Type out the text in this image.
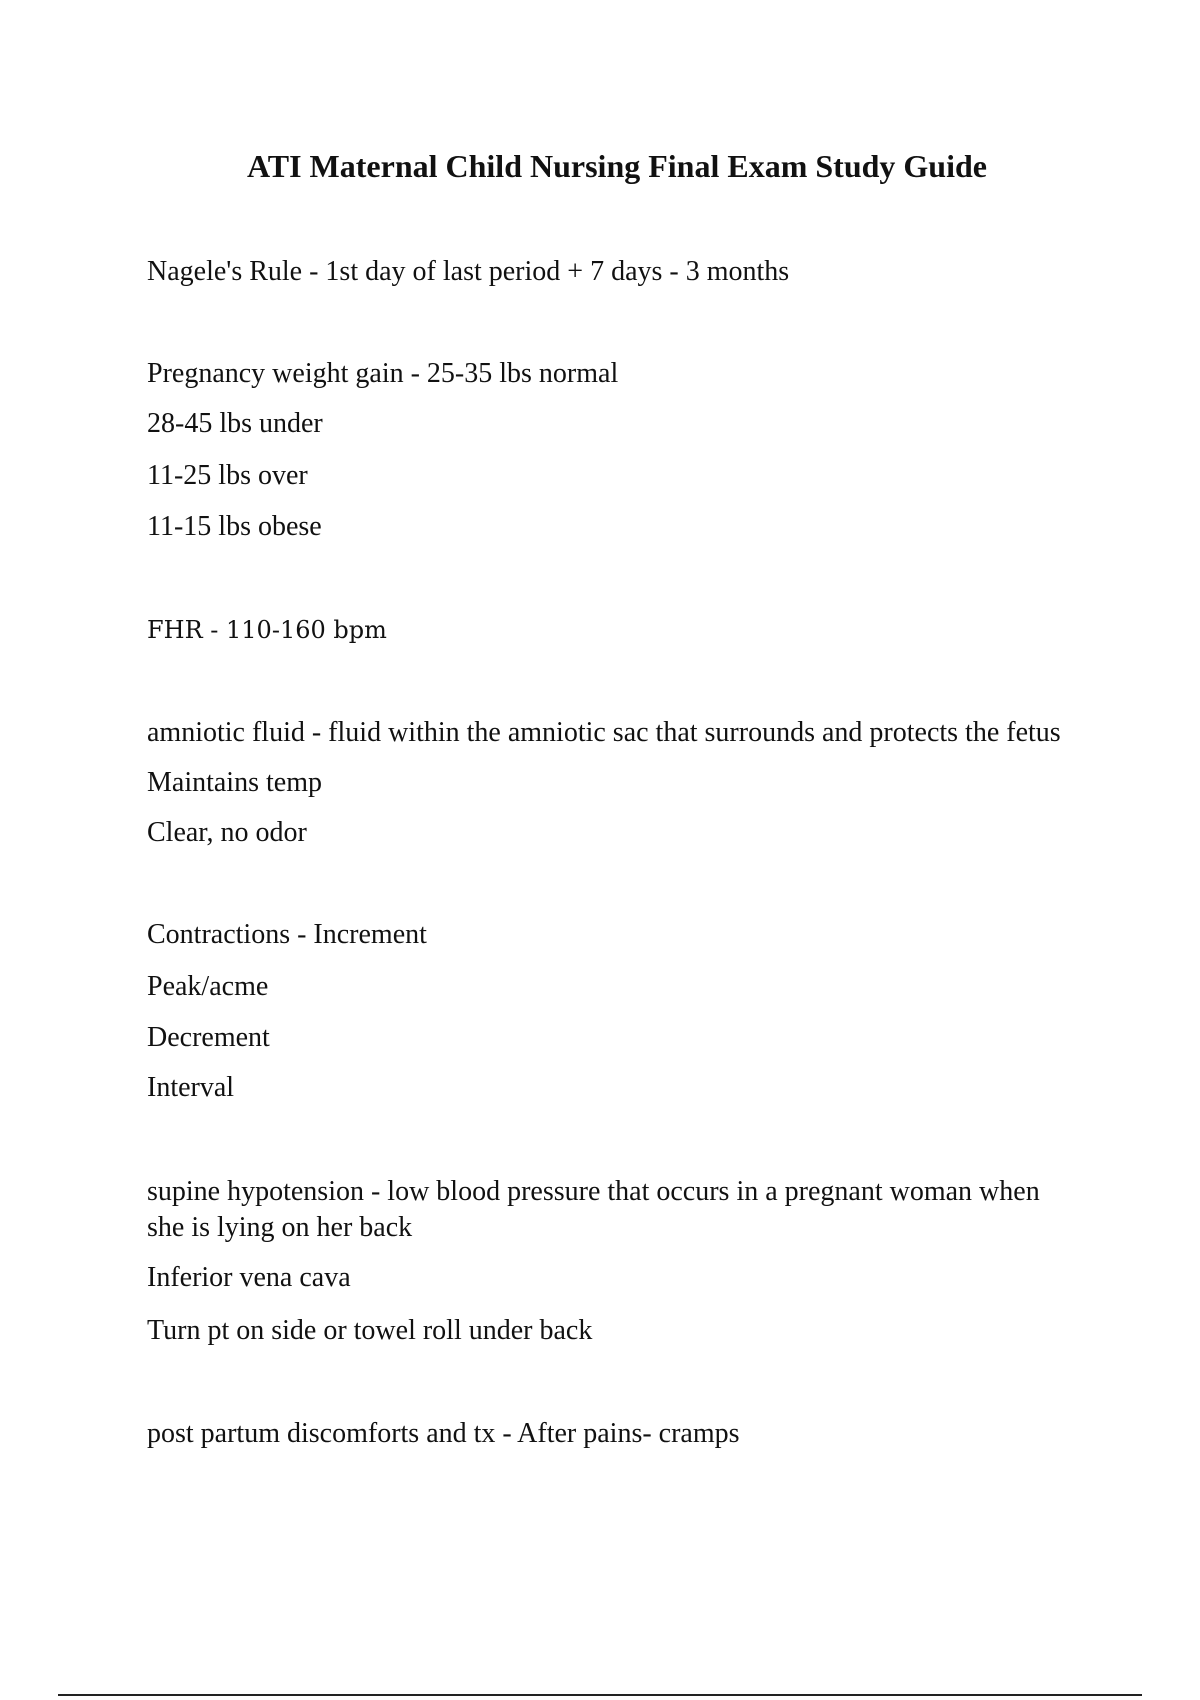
ATI Maternal Child Nursing Final Exam Study Guide
Nagele's Rule - 1st day of last period + 7 days - 3 months
Pregnancy weight gain - 25-35 lbs normal
28-45 lbs under
11-25 lbs over
11-15 lbs obese
FHR - 110-160 bpm
amniotic fluid - fluid within the amniotic sac that surrounds and protects the fetus
Maintains temp
Clear, no odor
Contractions - Increment
Peak/acme
Decrement
Interval
supine hypotension - low blood pressure that occurs in a pregnant woman when she is lying on her back
Inferior vena cava
Turn pt on side or towel roll under back
post partum discomforts and tx - After pains- cramps
